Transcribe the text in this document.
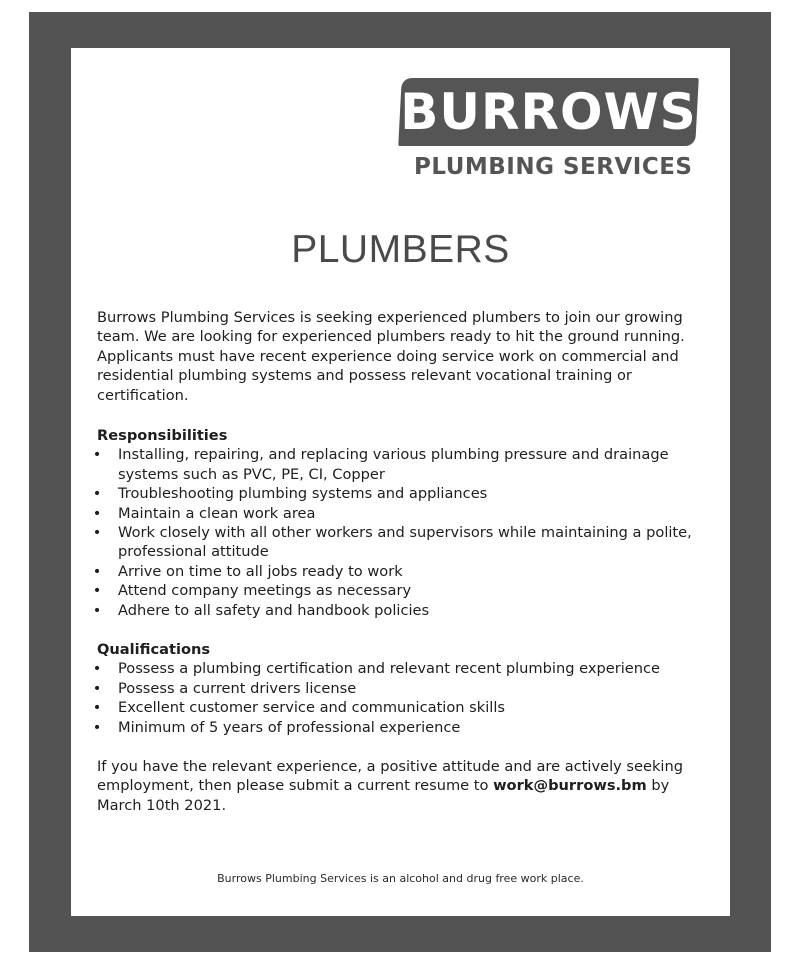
BURROWS
PLUMBING SERVICES
PLUMBERS
Burrows Plumbing Services is seeking experienced plumbers to join our growing team. We are looking for experienced plumbers ready to hit the ground running. Applicants must have recent experience doing service work on commercial and residential plumbing systems and possess relevant vocational training or certification.
Responsibilities
• Installing, repairing, and replacing various plumbing pressure and drainage systems such as PVC, PE, CI, Copper
• Troubleshooting plumbing systems and appliances
• Maintain a clean work area
• Work closely with all other workers and supervisors while maintaining a polite, professional attitude
• Arrive on time to all jobs ready to work
• Attend company meetings as necessary
• Adhere to all safety and handbook policies
Qualifications
• Possess a plumbing certification and relevant recent plumbing experience
• Possess a current drivers license
• Excellent customer service and communication skills
• Minimum of 5 years of professional experience
If you have the relevant experience, a positive attitude and are actively seeking employment, then please submit a current resume to work@burrows.bm by
March 10th 2021.
Burrows Plumbing Services is an alcohol and drug free work place.
